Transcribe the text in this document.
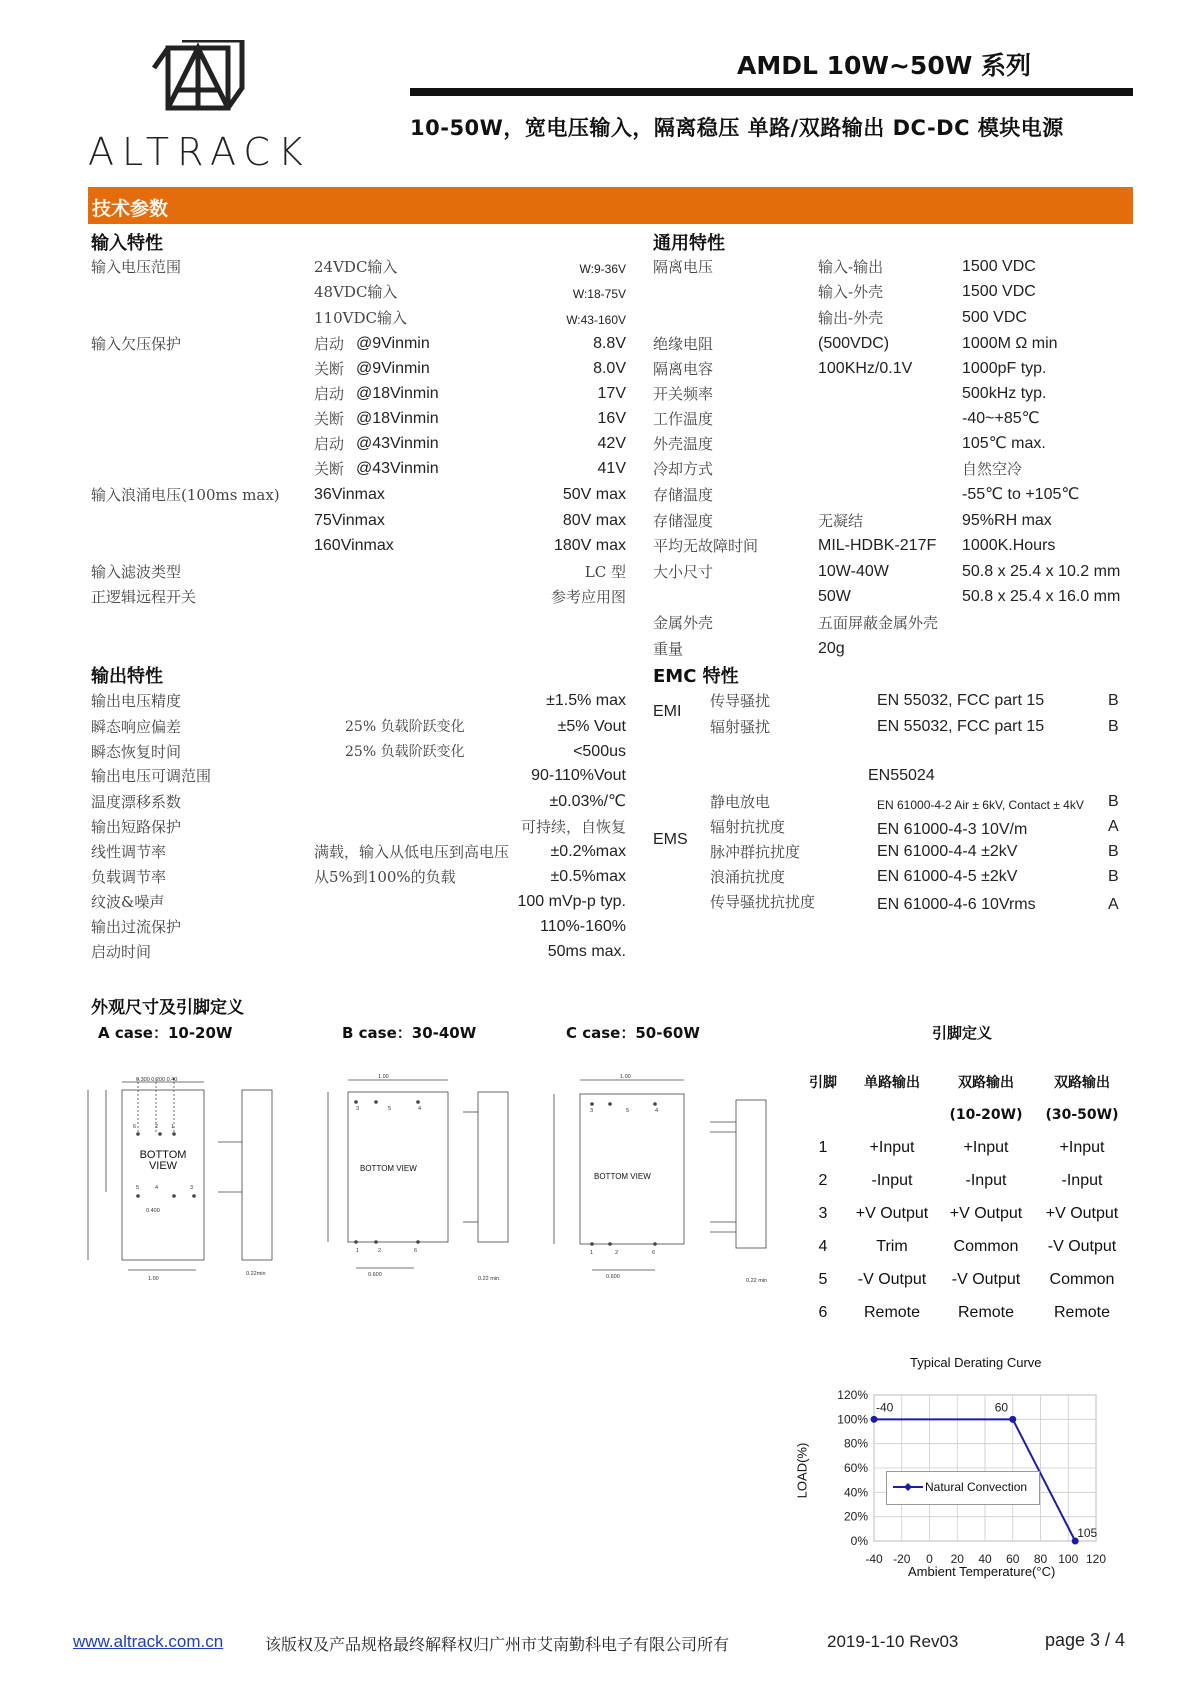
ALTRACK
AMDL 10W~50W 系列
10-50W，宽电压输入，隔离稳压 单路/双路输出 DC-DC 模块电源
技术参数
输入特性
输入电压范围	24VDC输入	W:9-36V
48VDC输入	W:18-75V
110VDC输入	W:43-160V
输入欠压保护	启动 @9Vinmin	8.8V
关断 @9Vinmin	8.0V
启动 @18Vinmin	17V
关断 @18Vinmin	16V
启动 @43Vinmin	42V
关断 @43Vinmin	41V
输入浪涌电压(100ms max) 36Vinmax	50V max
75Vinmax	80V max
160Vinmax	180V max
输入滤波类型	LC 型
正逻辑远程开关	参考应用图
通用特性
隔离电压	输入-输出	1500 VDC
输入-外壳	1500 VDC
输出-外壳	500 VDC
绝缘电阻	(500VDC)	1000M Ω min
隔离电容	100KHz/0.1V	1000pF typ.
开关频率	500kHz typ.
工作温度	-40~+85℃
外壳温度	105℃ max.
冷却方式	自然空冷
存储温度	-55℃ to +105℃
存储湿度	无凝结	95%RH max
平均无故障时间	MIL-HDBK-217F 1000K.Hours
大小尺寸	10W-40W	50.8 x 25.4 x 10.2 mm
50W	50.8 x 25.4 x 16.0 mm
金属外壳	五面屏蔽金属外壳
重量	20g
输出特性
输出电压精度	±1.5% max
瞬态响应偏差	25% 负载阶跃变化	±5% Vout
瞬态恢复时间	25% 负载阶跃变化	<500us
输出电压可调范围	90-110%Vout
温度漂移系数	±0.03%/℃
输出短路保护	可持续，自恢复
线性调节率	满载，输入从低电压到高电压	±0.2%max
负载调节率	从5%到100%的负载	±0.5%max
纹波&噪声	100 mVp-p typ.
输出过流保护	110%-160%
启动时间	50ms max.
EMC 特性
EMI
传导骚扰	EN 55032, FCC part 15	B
辐射骚扰	EN 55032, FCC part 15	B
EN55024
EMS
静电放电	EN 61000-4-2 Air ± 6kV, Contact ± 4kV B
辐射抗扰度	EN 61000-4-3 10V/m	A
脉冲群抗扰度	EN 61000-4-4 ±2kV	B
浪涌抗扰度	EN 61000-4-5 ±2kV	B
传导骚扰抗扰度	EN 61000-4-6 10Vrms	A
外观尺寸及引脚定义
A case：10-20W	B case：30-40W	C case：50-60W
0.300 0.200 0.40
6	2 1
5	4	3
0.400
1.00
0.22min
BOTTOM
VIEW
1.00
3	5	4
1	2	6
0.600
0.22 min.
BOTTOM VIEW
1.00
3	5	4
1	2	6
0.600
0.22 min
BOTTOM VIEW
引脚定义
引脚	单路输出	双路输出	双路输出
		(10-20W)	(30-50W)
1	+Input	+Input	+Input
2	-Input	-Input	-Input
3	+V Output	+V Output	+V Output
4	Trim	Common	-V Output
5	-V Output	-V Output	Common
6	Remote	Remote	Remote
-40 -20 0 20 40 60 80 100 120
0%
20%
40%
60%
80%
100%
120%
-40	60
105
Typical Derating Curve
Ambient Temperature(°C)
LOAD(%)	Natural Convection
www.altrack.com.cn	该版权及产品规格最终解释权归广州市艾南勤科电子有限公司所有	2019-1-10 Rev03	page 3 / 4
